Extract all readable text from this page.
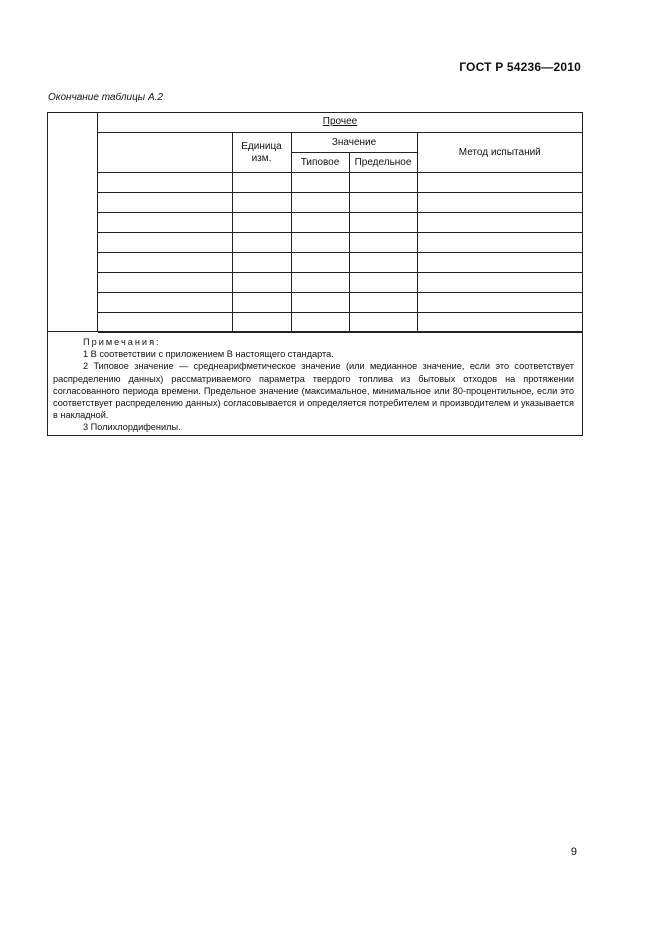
ГОСТ Р 54236—2010
Окончание таблицы А.2
Прочее
	Единица изм.	Значение		Метод испытаний
		Типовое	Предельное	

Примечания:
1 В соответствии с приложением В настоящего стандарта.
2 Типовое значение — среднеарифметическое значение (или медианное значение, если это соответствует распределению данных) рассматриваемого параметра твердого топлива из бытовых отходов на протяжении согласованного периода времени. Предельное значение (максимальное, минимальное или 80-процентильное, если это соответствует распределению данных) согласовывается и определяется потребителем и производителем и указывается в накладной.
3 Полихлордифенилы.
9
